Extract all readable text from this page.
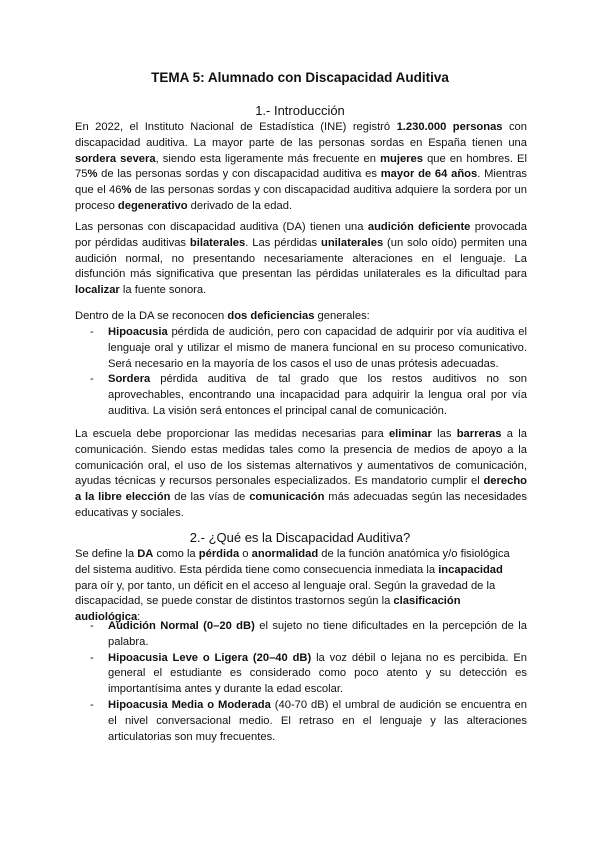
TEMA 5: Alumnado con Discapacidad Auditiva
1.- Introducción

En 2022, el Instituto Nacional de Estadística (INE) registró 1.230.000 personas con discapacidad auditiva. La mayor parte de las personas sordas en España tienen una sordera severa, siendo esta ligeramente más frecuente en mujeres que en hombres. El 75% de las personas sordas y con discapacidad auditiva es mayor de 64 años. Mientras que el 46% de las personas sordas y con discapacidad auditiva adquiere la sordera por un proceso degenerativo derivado de la edad.

Las personas con discapacidad auditiva (DA) tienen una audición deficiente provocada por pérdidas auditivas bilaterales. Las pérdidas unilaterales (un solo oído) permiten una audición normal, no presentando necesariamente alteraciones en el lenguaje. La disfunción más significativa que presentan las pérdidas unilaterales es la dificultad para localizar la fuente sonora.

Dentro de la DA se reconocen dos deficiencias generales:

- Hipoacusia pérdida de audición, pero con capacidad de adquirir por vía auditiva el lenguaje oral y utilizar el mismo de manera funcional en su proceso comunicativo. Será necesario en la mayoría de los casos el uso de unas prótesis adecuadas.
- Sordera pérdida auditiva de tal grado que los restos auditivos no son aprovechables, encontrando una incapacidad para adquirir la lengua oral por vía auditiva. La visión será entonces el principal canal de comunicación.

La escuela debe proporcionar las medidas necesarias para eliminar las barreras a la comunicación. Siendo estas medidas tales como la presencia de medios de apoyo a la comunicación oral, el uso de los sistemas alternativos y aumentativos de comunicación, ayudas técnicas y recursos personales especializados. Es mandatorio cumplir el derecho a la libre elección de las vías de comunicación más adecuadas según las necesidades educativas y sociales.

2.- ¿Qué es la Discapacidad Auditiva?

Se define la DA como la pérdida o anormalidad de la función anatómica y/o fisiológica del sistema auditivo. Esta pérdida tiene como consecuencia inmediata la incapacidad para oír y, por tanto, un déficit en el acceso al lenguaje oral. Según la gravedad de la discapacidad, se puede constar de distintos trastornos según la clasificación audiológica:

- Audición Normal (0–20 dB) el sujeto no tiene dificultades en la percepción de la palabra.
- Hipoacusia Leve o Ligera (20–40 dB) la voz débil o lejana no es percibida. En general el estudiante es considerado como poco atento y su detección es importantísima antes y durante la edad escolar.
- Hipoacusia Media o Moderada (40-70 dB) el umbral de audición se encuentra en el nivel conversacional medio. El retraso en el lenguaje y las alteraciones articulatorias son muy frecuentes.
